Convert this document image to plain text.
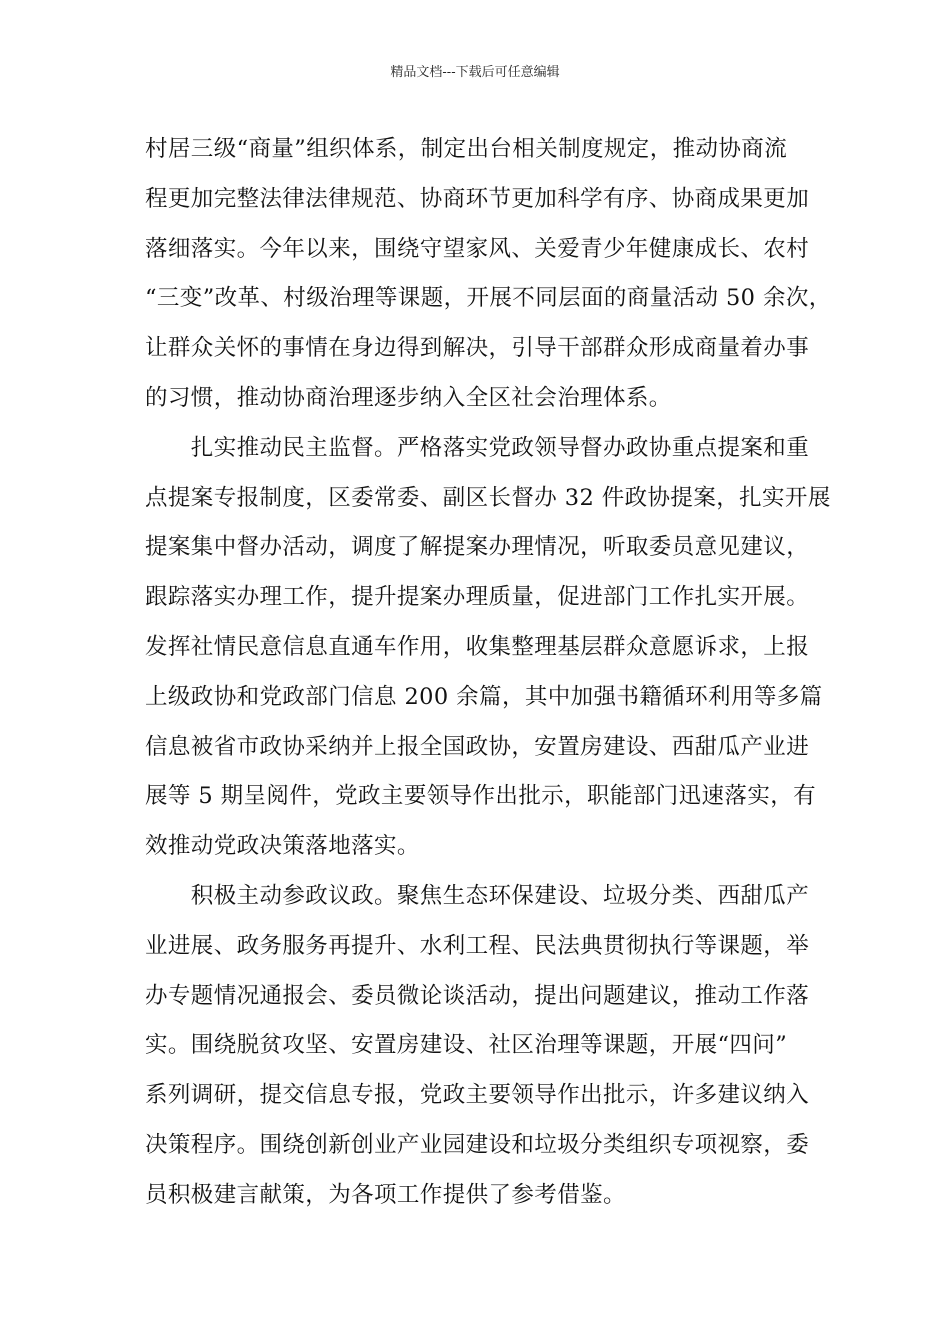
精品文档---下载后可任意编辑
村居三级“商量”组织体系，制定出台相关制度规定，推动协商流
程更加完整法律法律规范、协商环节更加科学有序、协商成果更加
落细落实。今年以来，围绕守望家风、关爱青少年健康成长、农村
“三变”改革、村级治理等课题，开展不同层面的商量活动 50 余次，
让群众关怀的事情在身边得到解决，引导干部群众形成商量着办事
的习惯，推动协商治理逐步纳入全区社会治理体系。
　　扎实推动民主监督。严格落实党政领导督办政协重点提案和重
点提案专报制度，区委常委、副区长督办 32 件政协提案，扎实开展
提案集中督办活动，调度了解提案办理情况，听取委员意见建议，
跟踪落实办理工作，提升提案办理质量，促进部门工作扎实开展。
发挥社情民意信息直通车作用，收集整理基层群众意愿诉求，上报
上级政协和党政部门信息 200 余篇，其中加强书籍循环利用等多篇
信息被省市政协采纳并上报全国政协，安置房建设、西甜瓜产业进
展等 5 期呈阅件，党政主要领导作出批示，职能部门迅速落实，有
效推动党政决策落地落实。
　　积极主动参政议政。聚焦生态环保建设、垃圾分类、西甜瓜产
业进展、政务服务再提升、水利工程、民法典贯彻执行等课题，举
办专题情况通报会、委员微论谈活动，提出问题建议，推动工作落
实。围绕脱贫攻坚、安置房建设、社区治理等课题，开展“四问”
系列调研，提交信息专报，党政主要领导作出批示，许多建议纳入
决策程序。围绕创新创业产业园建设和垃圾分类组织专项视察，委
员积极建言献策，为各项工作提供了参考借鉴。
